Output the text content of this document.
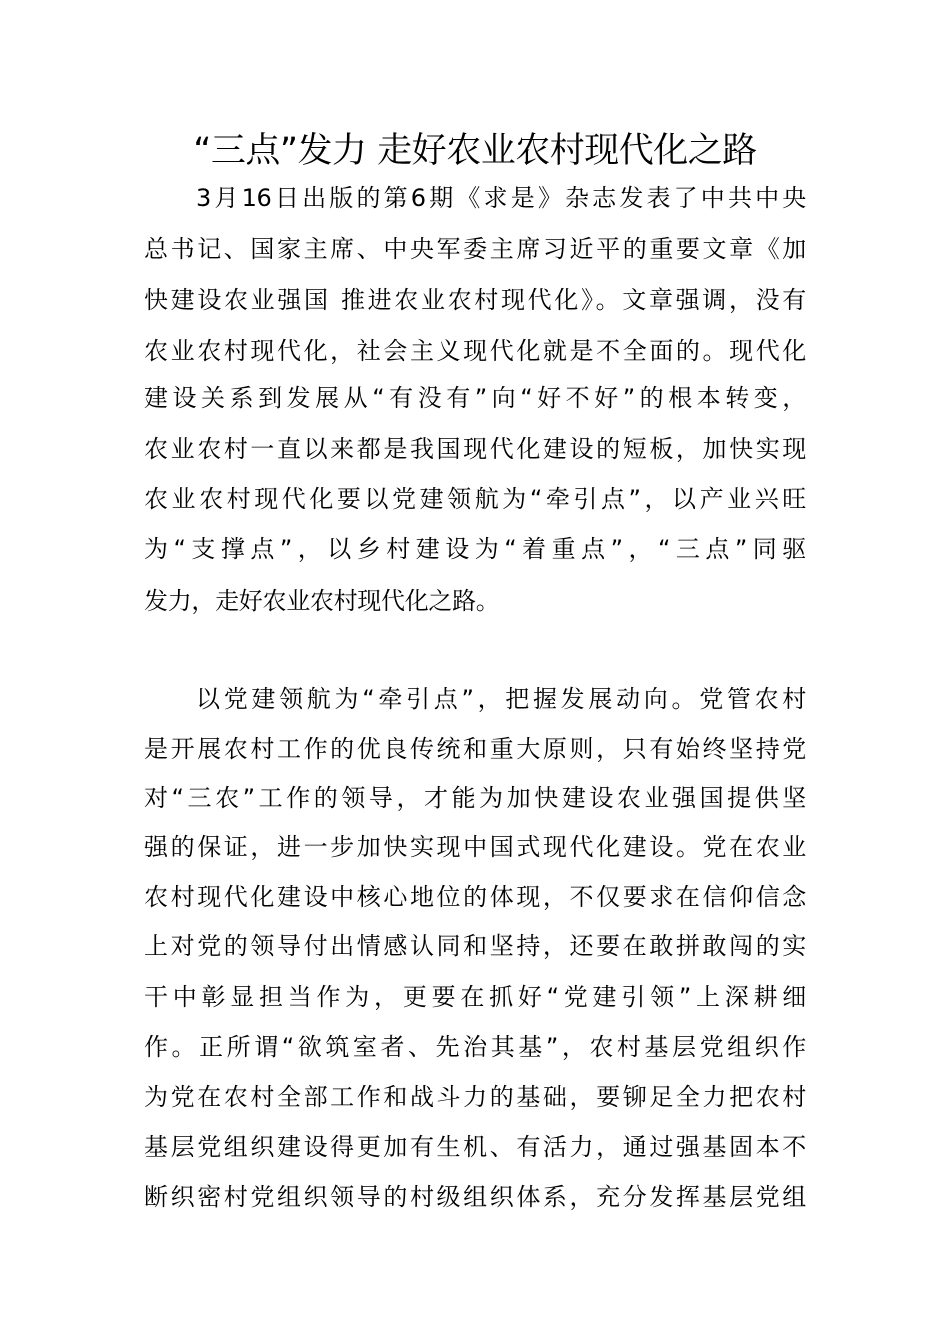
“三点”发力 走好农业农村现代化之路
3月16日出版的第6期《求是》杂志发表了中共中央
总书记、国家主席、中央军委主席习近平的重要文章《加
快建设农业强国 推进农业农村现代化》。文章强调，没有
农业农村现代化，社会主义现代化就是不全面的。现代化
建设关系到发展从“有没有”向“好不好”的根本转变，
农业农村一直以来都是我国现代化建设的短板，加快实现
农业农村现代化要以党建领航为“牵引点”，以产业兴旺
为“支撑点”，以乡村建设为“着重点”，“三点”同驱
发力，走好农业农村现代化之路。
以党建领航为“牵引点”，把握发展动向。党管农村
是开展农村工作的优良传统和重大原则，只有始终坚持党
对“三农”工作的领导，才能为加快建设农业强国提供坚
强的保证，进一步加快实现中国式现代化建设。党在农业
农村现代化建设中核心地位的体现，不仅要求在信仰信念
上对党的领导付出情感认同和坚持，还要在敢拼敢闯的实
干中彰显担当作为，更要在抓好“党建引领”上深耕细
作。正所谓“欲筑室者、先治其基”，农村基层党组织作
为党在农村全部工作和战斗力的基础，要铆足全力把农村
基层党组织建设得更加有生机、有活力，通过强基固本不
断织密村党组织领导的村级组织体系，充分发挥基层党组
